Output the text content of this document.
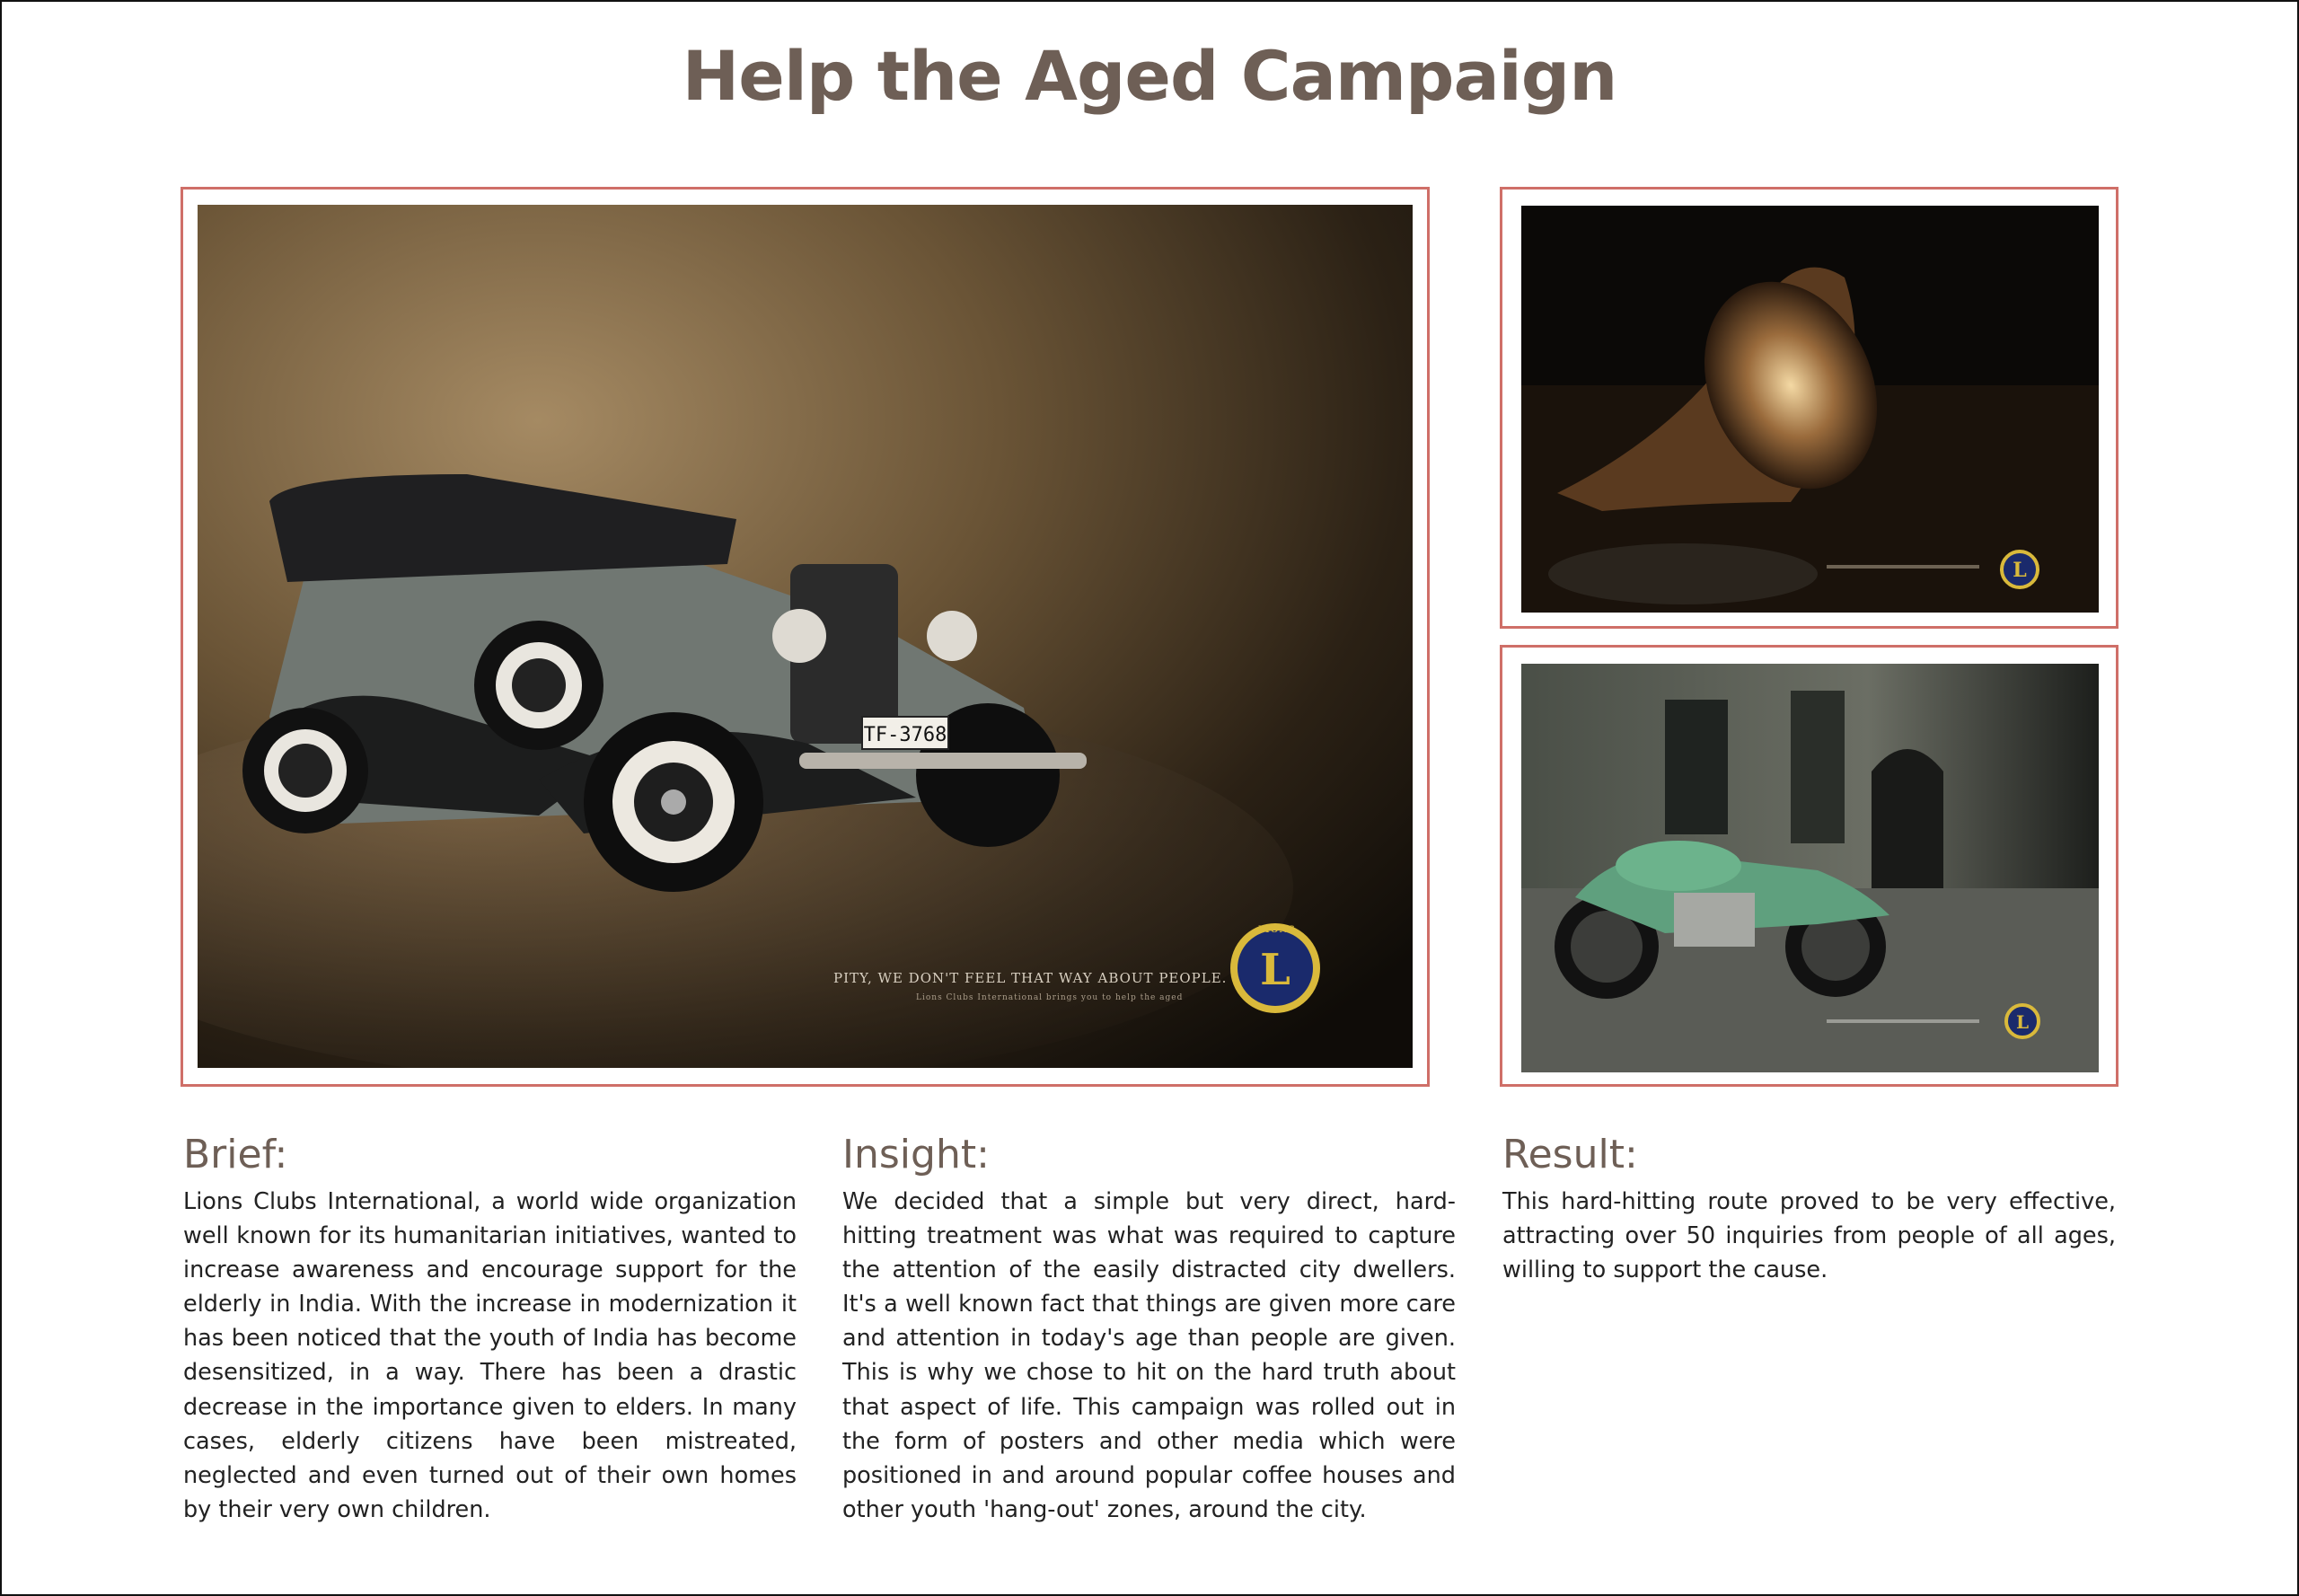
Help the Aged Campaign
TF-3768
L
PITY, WE DON'T FEEL THAT WAY ABOUT PEOPLE.
Lions Clubs International brings you to help the aged
LIONS
L
L
Brief:

Lions Clubs International, a world wide organization well known for its humanitarian initiatives, wanted to increase awareness and encourage support for the elderly in India. With the increase in modernization it has been noticed that the youth of India has become desensitized, in a way. There has been a drastic decrease in the importance given to elders. In many cases, elderly citizens have been mistreated, neglected and even turned out of their own homes by their very own children.

Insight:

We decided that a simple but very direct, hard-hitting treatment was what was required to capture the attention of the easily distracted city dwellers. It's a well known fact that things are given more care and attention in today's age than people are given. This is why we chose to hit on the hard truth about that aspect of life. This campaign was rolled out in the form of posters and other media which were positioned in and around popular coffee houses and other youth 'hang-out' zones, around the city.

Result:

This hard-hitting route proved to be very effective, attracting over 50 inquiries from people of all ages, willing to support the cause.
